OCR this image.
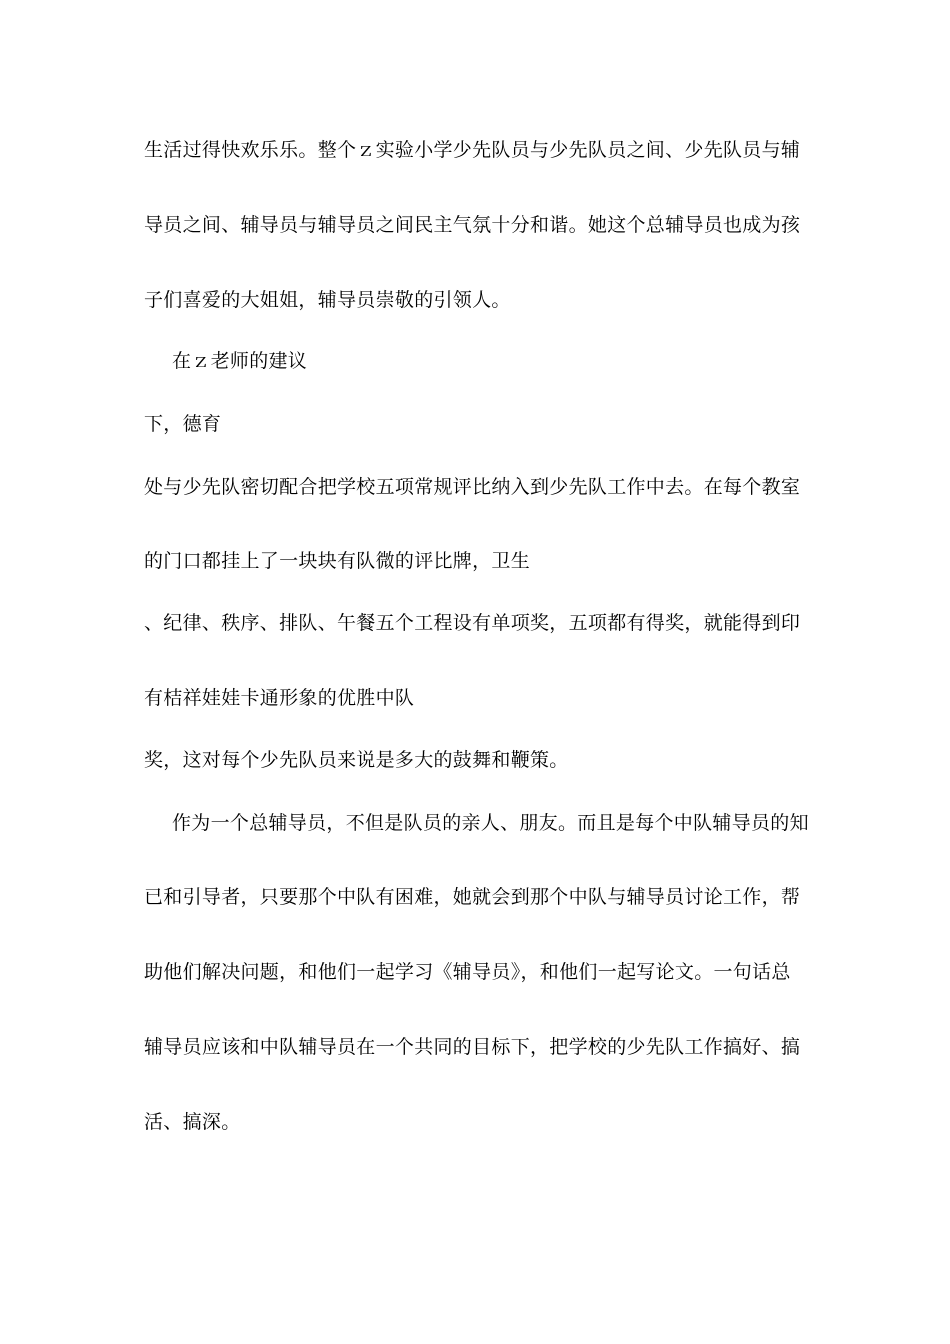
生活过得快欢乐乐。整个ｚ实验小学少先队员与少先队员之间、少先队员与辅
导员之间、辅导员与辅导员之间民主气氛十分和谐。她这个总辅导员也成为孩
子们喜爱的大姐姐，辅导员崇敬的引领人。
在ｚ老师的建议
下，德育
处与少先队密切配合把学校五项常规评比纳入到少先队工作中去。在每个教室
的门口都挂上了一块块有队微的评比牌，卫生
、纪律、秩序、排队、午餐五个工程设有单项奖，五项都有得奖，就能得到印
有桔祥娃娃卡通形象的优胜中队
奖，这对每个少先队员来说是多大的鼓舞和鞭策。
作为一个总辅导员，不但是队员的亲人、朋友。而且是每个中队辅导员的知
已和引导者，只要那个中队有困难，她就会到那个中队与辅导员讨论工作，帮
助他们解决问题，和他们一起学习《辅导员》，和他们一起写论文。一句话总
辅导员应该和中队辅导员在一个共同的目标下，把学校的少先队工作搞好、搞
活、搞深。
